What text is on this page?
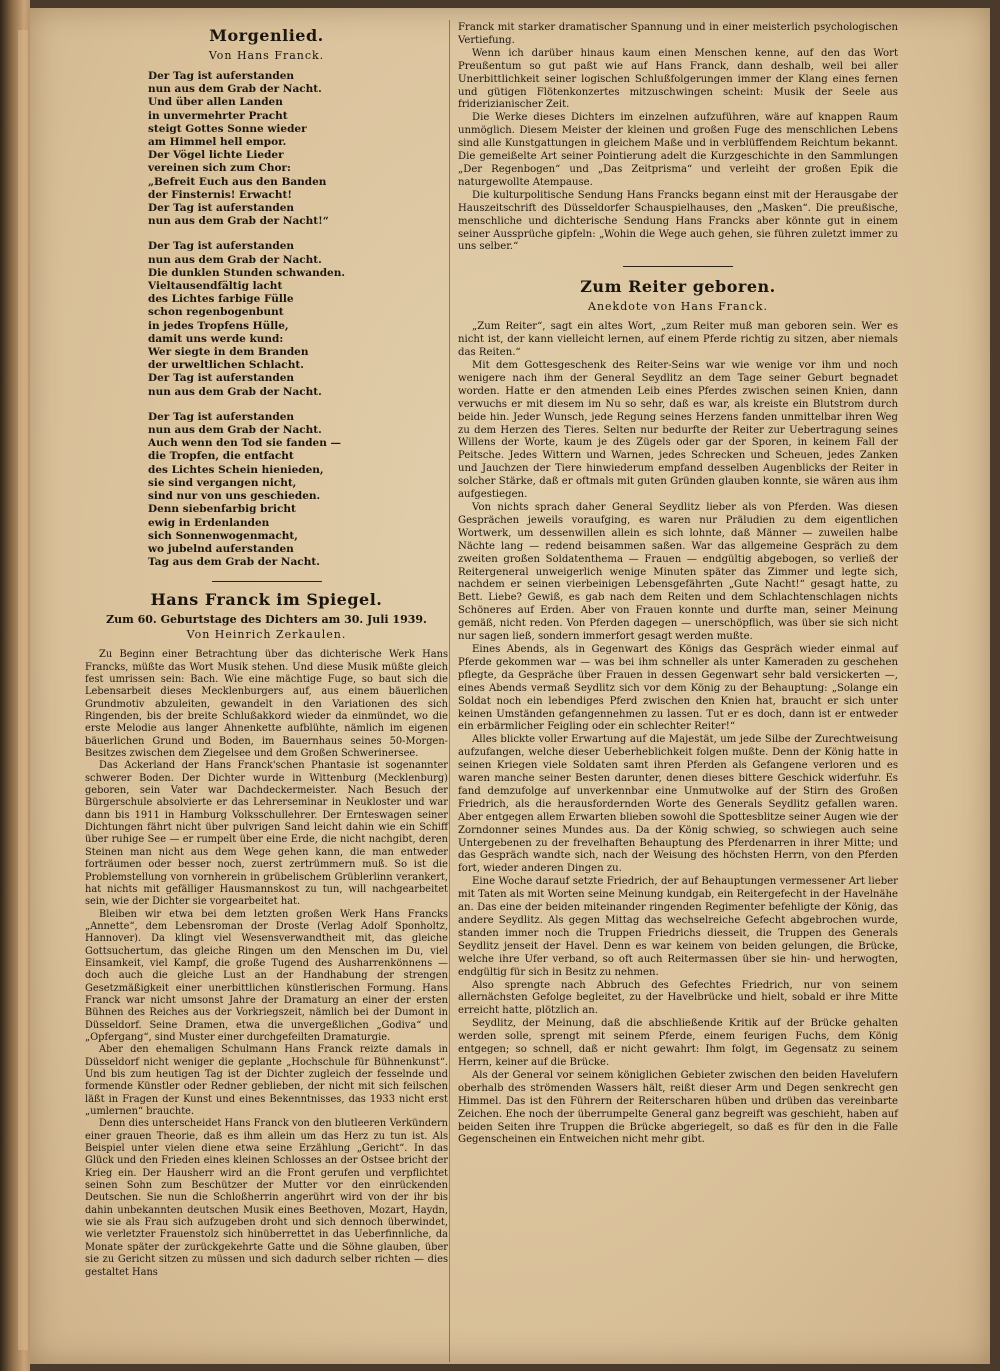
Morgenlied.
Von Hans Franck.
Der Tag ist auferstanden
nun aus dem Grab der Nacht.
Und über allen Landen
in unvermehrter Pracht
steigt Gottes Sonne wieder
am Himmel hell empor.
Der Vögel lichte Lieder
vereinen sich zum Chor:
„Befreit Euch aus den Banden
der Finsternis! Erwacht!
Der Tag ist auferstanden
nun aus dem Grab der Nacht!“
Der Tag ist auferstanden
nun aus dem Grab der Nacht.
Die dunklen Stunden schwanden.
Vieltausendfältig lacht
des Lichtes farbige Fülle
schon regenbogenbunt
in jedes Tropfens Hülle,
damit uns werde kund:
Wer siegte in dem Branden
der urweltlichen Schlacht.
Der Tag ist auferstanden
nun aus dem Grab der Nacht.
Der Tag ist auferstanden
nun aus dem Grab der Nacht.
Auch wenn den Tod sie fanden —
die Tropfen, die entfacht
des Lichtes Schein hienieden,
sie sind vergangen nicht,
sind nur von uns geschieden.
Denn siebenfarbig bricht
ewig in Erdenlanden
sich Sonnenwogenmacht,
wo jubelnd auferstanden
Tag aus dem Grab der Nacht.
Hans Franck im Spiegel.
Zum 60. Geburtstage des Dichters am 30. Juli 1939.
Von Heinrich Zerkaulen.

Zu Beginn einer Betrachtung über das dichterische Werk Hans Francks, müßte das Wort Musik stehen. Und diese Musik müßte gleich fest umrissen sein: Bach. Wie eine mächtige Fuge, so baut sich die Lebensarbeit dieses Mecklenburgers auf, aus einem bäuerlichen Grundmotiv abzuleiten, gewandelt in den Variationen des sich Ringenden, bis der breite Schlußakkord wieder da einmündet, wo die erste Melodie aus langer Ahnenkette aufblühte, nämlich im eigenen bäuerlichen Grund und Boden, im Bauernhaus seines 50-Morgen-Besitzes zwischen dem Ziegelsee und dem Großen Schwerinersee.

Das Ackerland der Hans Franck'schen Phantasie ist sogenannter schwerer Boden. Der Dichter wurde in Wittenburg (Mecklenburg) geboren, sein Vater war Dachdeckermeister. Nach Besuch der Bürgerschule absolvierte er das Lehrerseminar in Neukloster und war dann bis 1911 in Hamburg Volksschullehrer. Der Ernteswagen seiner Dichtungen fährt nicht über pulvrigen Sand leicht dahin wie ein Schiff über ruhige See — er rumpelt über eine Erde, die nicht nachgibt, deren Steinen man nicht aus dem Wege gehen kann, die man entweder forträumen oder besser noch, zuerst zertrümmern muß. So ist die Problemstellung von vornherein in grübelischem Grüblerlinn verankert, hat nichts mit gefälliger Hausmannskost zu tun, will nachgearbeitet sein, wie der Dichter sie vorgearbeitet hat.

Bleiben wir etwa bei dem letzten großen Werk Hans Francks „Annette“, dem Lebensroman der Droste (Verlag Adolf Sponholtz, Hannover). Da klingt viel Wesensverwandtheit mit, das gleiche Gottsuchertum, das gleiche Ringen um den Menschen im Du, viel Einsamkeit, viel Kampf, die große Tugend des Ausharrenkönnens — doch auch die gleiche Lust an der Handhabung der strengen Gesetzmäßigkeit einer unerbittlichen künstlerischen Formung. Hans Franck war nicht umsonst Jahre der Dramaturg an einer der ersten Bühnen des Reiches aus der Vorkriegszeit, nämlich bei der Dumont in Düsseldorf. Seine Dramen, etwa die unvergeßlichen „Godiva“ und „Opfergang“, sind Muster einer durchgefeilten Dramaturgie.

Aber den ehemaligen Schulmann Hans Franck reizte damals in Düsseldorf nicht weniger die geplante „Hochschule für Bühnenkunst“. Und bis zum heutigen Tag ist der Dichter zugleich der fesselnde und formende Künstler oder Redner geblieben, der nicht mit sich feilschen läßt in Fragen der Kunst und eines Bekenntnisses, das 1933 nicht erst „umlernen“ brauchte.

Denn dies unterscheidet Hans Franck von den blutleeren Verkündern einer grauen Theorie, daß es ihm allein um das Herz zu tun ist. Als Beispiel unter vielen diene etwa seine Erzählung „Gericht“. In das Glück und den Frieden eines kleinen Schlosses an der Ostsee bricht der Krieg ein. Der Hausherr wird an die Front gerufen und verpflichtet seinen Sohn zum Beschützer der Mutter vor den einrückenden Deutschen. Sie nun die Schloßherrin angerührt wird von der ihr bis dahin unbekannten deutschen Musik eines Beethoven, Mozart, Haydn, wie sie als Frau sich aufzugeben droht und sich dennoch überwindet, wie verletzter Frauenstolz sich hinüberrettet in das Ueberfinnliche, da Monate später der zurückgekehrte Gatte und die Söhne glauben, über sie zu Gericht sitzen zu müssen und sich dadurch selber richten — dies gestaltet Hans

Franck mit starker dramatischer Spannung und in einer meisterlich psychologischen Vertiefung.

Wenn ich darüber hinaus kaum einen Menschen kenne, auf den das Wort Preußentum so gut paßt wie auf Hans Franck, dann deshalb, weil bei aller Unerbittlichkeit seiner logischen Schlußfolgerungen immer der Klang eines fernen und gütigen Flötenkonzertes mitzuschwingen scheint: Musik der Seele aus friderizianischer Zeit.

Die Werke dieses Dichters im einzelnen aufzuführen, wäre auf knappen Raum unmöglich. Diesem Meister der kleinen und großen Fuge des menschlichen Lebens sind alle Kunstgattungen in gleichem Maße und in verblüffendem Reichtum bekannt. Die gemeißelte Art seiner Pointierung adelt die Kurzgeschichte in den Sammlungen „Der Regenbogen“ und „Das Zeitprisma“ und verleiht der großen Epik die naturgewollte Atempause.

Die kulturpolitische Sendung Hans Francks begann einst mit der Herausgabe der Hauszeitschrift des Düsseldorfer Schauspielhauses, den „Masken“. Die preußische, menschliche und dichterische Sendung Hans Francks aber könnte gut in einem seiner Aussprüche gipfeln: „Wohin die Wege auch gehen, sie führen zuletzt immer zu uns selber.“

Zum Reiter geboren.
Anekdote von Hans Franck.

„Zum Reiter“, sagt ein altes Wort, „zum Reiter muß man geboren sein. Wer es nicht ist, der kann vielleicht lernen, auf einem Pferde richtig zu sitzen, aber niemals das Reiten.“

Mit dem Gottesgeschenk des Reiter-Seins war wie wenige vor ihm und noch wenigere nach ihm der General Seydlitz an dem Tage seiner Geburt begnadet worden. Hatte er den atmenden Leib eines Pferdes zwischen seinen Knien, dann verwuchs er mit diesem im Nu so sehr, daß es war, als kreiste ein Blutstrom durch beide hin. Jeder Wunsch, jede Regung seines Herzens fanden unmittelbar ihren Weg zu dem Herzen des Tieres. Selten nur bedurfte der Reiter zur Uebertragung seines Willens der Worte, kaum je des Zügels oder gar der Sporen, in keinem Fall der Peitsche. Jedes Wittern und Warnen, jedes Schrecken und Scheuen, jedes Zanken und Jauchzen der Tiere hinwiederum empfand desselben Augenblicks der Reiter in solcher Stärke, daß er oftmals mit guten Gründen glauben konnte, sie wären aus ihm aufgestiegen.

Von nichts sprach daher General Seydlitz lieber als von Pferden. Was diesen Gesprächen jeweils voraufging, es waren nur Präludien zu dem eigentlichen Wortwerk, um dessenwillen allein es sich lohnte, daß Männer — zuweilen halbe Nächte lang — redend beisammen saßen. War das allgemeine Gespräch zu dem zweiten großen Soldatenthema — Frauen — endgültig abgebogen, so verließ der Reitergeneral unweigerlich wenige Minuten später das Zimmer und legte sich, nachdem er seinen vierbeinigen Lebensgefährten „Gute Nacht!“ gesagt hatte, zu Bett. Liebe? Gewiß, es gab nach dem Reiten und dem Schlachtenschlagen nichts Schöneres auf Erden. Aber von Frauen konnte und durfte man, seiner Meinung gemäß, nicht reden. Von Pferden dagegen — unerschöpflich, was über sie sich nicht nur sagen ließ, sondern immerfort gesagt werden mußte.

Eines Abends, als in Gegenwart des Königs das Gespräch wieder einmal auf Pferde gekommen war — was bei ihm schneller als unter Kameraden zu geschehen pflegte, da Gespräche über Frauen in dessen Gegenwart sehr bald versickerten —, eines Abends vermaß Seydlitz sich vor dem König zu der Behauptung: „Solange ein Soldat noch ein lebendiges Pferd zwischen den Knien hat, braucht er sich unter keinen Umständen gefangennehmen zu lassen. Tut er es doch, dann ist er entweder ein erbärmlicher Feigling oder ein schlechter Reiter!“

Alles blickte voller Erwartung auf die Majestät, um jede Silbe der Zurechtweisung aufzufangen, welche dieser Ueberheblichkeit folgen mußte. Denn der König hatte in seinen Kriegen viele Soldaten samt ihren Pferden als Gefangene verloren und es waren manche seiner Besten darunter, denen dieses bittere Geschick widerfuhr. Es fand demzufolge auf unverkennbar eine Unmutwolke auf der Stirn des Großen Friedrich, als die herausfordernden Worte des Generals Seydlitz gefallen waren. Aber entgegen allem Erwarten blieben sowohl die Spottesblitze seiner Augen wie der Zorndonner seines Mundes aus. Da der König schwieg, so schwiegen auch seine Untergebenen zu der frevelhaften Behauptung des Pferdenarren in ihrer Mitte; und das Gespräch wandte sich, nach der Weisung des höchsten Herrn, von den Pferden fort, wieder anderen Dingen zu.

Eine Woche darauf setzte Friedrich, der auf Behauptungen vermessener Art lieber mit Taten als mit Worten seine Meinung kundgab, ein Reitergefecht in der Havelnähe an. Das eine der beiden miteinander ringenden Regimenter befehligte der König, das andere Seydlitz. Als gegen Mittag das wechselreiche Gefecht abgebrochen wurde, standen immer noch die Truppen Friedrichs diesseit, die Truppen des Generals Seydlitz jenseit der Havel. Denn es war keinem von beiden gelungen, die Brücke, welche ihre Ufer verband, so oft auch Reitermassen über sie hin- und herwogten, endgültig für sich in Besitz zu nehmen.

Also sprengte nach Abbruch des Gefechtes Friedrich, nur von seinem allernächsten Gefolge begleitet, zu der Havelbrücke und hielt, sobald er ihre Mitte erreicht hatte, plötzlich an.

Seydlitz, der Meinung, daß die abschließende Kritik auf der Brücke gehalten werden solle, sprengt mit seinem Pferde, einem feurigen Fuchs, dem König entgegen; so schnell, daß er nicht gewahrt: Ihm folgt, im Gegensatz zu seinem Herrn, keiner auf die Brücke.

Als der General vor seinem königlichen Gebieter zwischen den beiden Havelufern oberhalb des strömenden Wassers hält, reißt dieser Arm und Degen senkrecht gen Himmel. Das ist den Führern der Reiterscharen hüben und drüben das vereinbarte Zeichen. Ehe noch der überrumpelte General ganz begreift was geschieht, haben auf beiden Seiten ihre Truppen die Brücke abgeriegelt, so daß es für den in die Falle Gegenscheinen ein Entweichen nicht mehr gibt.
